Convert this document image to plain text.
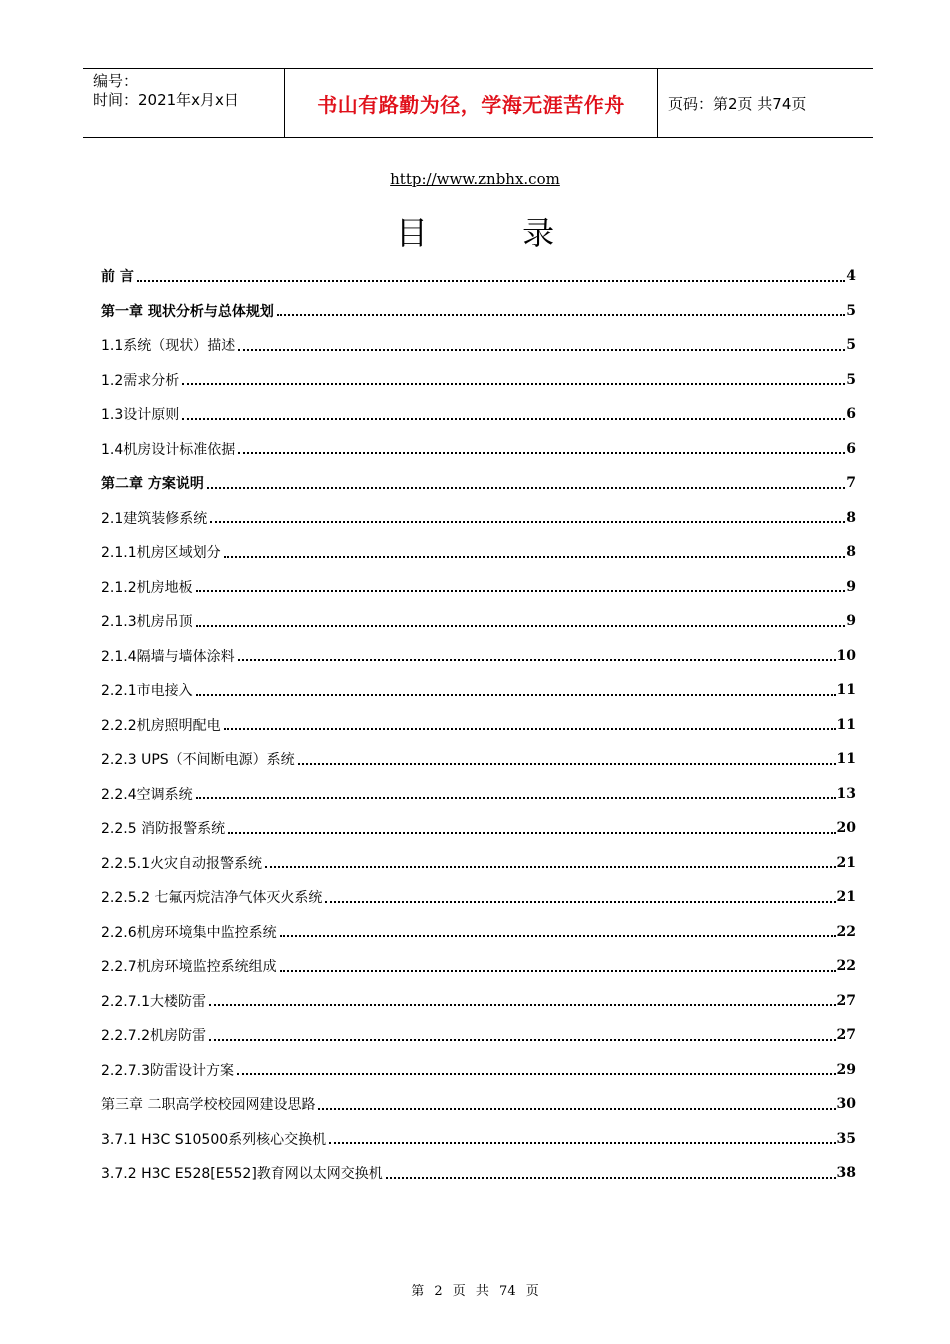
编号：
时间：2021年x月x日	书山有路勤为径，学海无涯苦作舟	页码：第2页 共74页
http://www.znbhx.com
目 录
前 言	4
第一章 现状分析与总体规划	5
1.1系统（现状）描述	5
1.2需求分析	5
1.3设计原则	6
1.4机房设计标准依据	6
第二章 方案说明	7
2.1建筑装修系统	8
2.1.1机房区域划分	8
2.1.2机房地板	9
2.1.3机房吊顶	9
2.1.4隔墙与墙体涂料	10
2.2.1市电接入	11
2.2.2机房照明配电	11
2.2.3 UPS（不间断电源）系统	11
2.2.4空调系统	13
2.2.5 消防报警系统	20
2.2.5.1火灾自动报警系统	21
2.2.5.2 七氟丙烷洁净气体灭火系统	21
2.2.6机房环境集中监控系统	22
2.2.7机房环境监控系统组成	22
2.2.7.1大楼防雷	27
2.2.7.2机房防雷	27
2.2.7.3防雷设计方案	29
第三章 二职高学校校园网建设思路	30
3.7.1 H3C S10500系列核心交换机	35
3.7.2 H3C E528[E552]教育网以太网交换机	38
第 2 页 共 74 页
